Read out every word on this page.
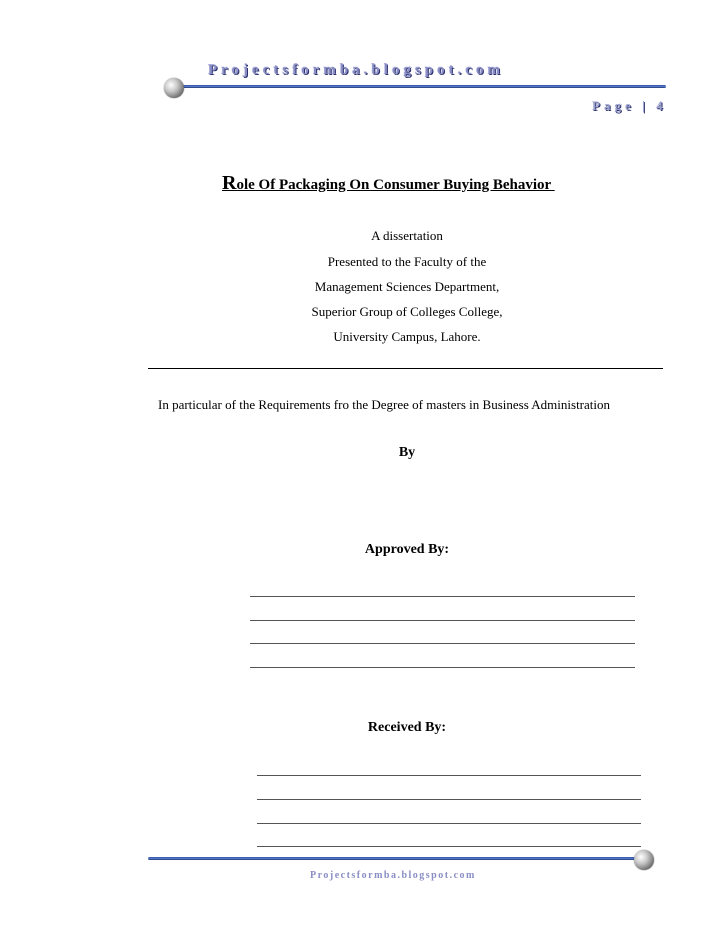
Projectsformba.blogspot.com
Page | 4
Role Of Packaging On Consumer Buying Behavior
A dissertation
Presented to the Faculty of the
Management Sciences Department,
Superior Group of Colleges College,
University Campus, Lahore.
In particular of the Requirements fro the Degree of masters in Business Administration
By
Approved By:
Received By:
Projectsformba.blogspot.com
